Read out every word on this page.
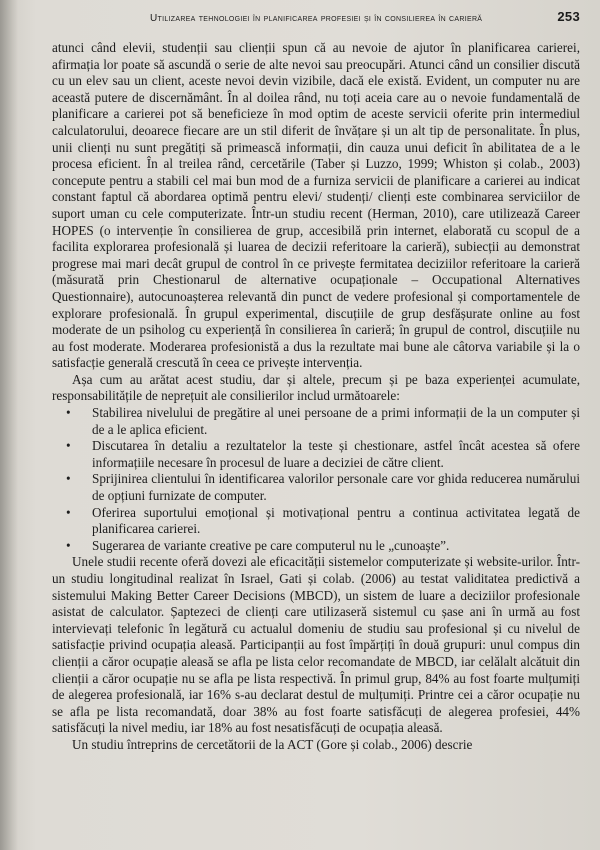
Utilizarea tehnologiei în planificarea profesiei și în consilierea în carieră	253

atunci când elevii, studenții sau clienții spun că au nevoie de ajutor în planificarea carierei, afirmația lor poate să ascundă o serie de alte nevoi sau preocupări. Atunci când un consilier discută cu un elev sau un client, aceste nevoi devin vizibile, dacă ele există. Evident, un computer nu are această putere de discernământ. În al doilea rând, nu toți aceia care au o nevoie fundamentală de planificare a carierei pot să beneficieze în mod optim de aceste servicii oferite prin intermediul calculatorului, deoarece fiecare are un stil diferit de învățare și un alt tip de personalitate. În plus, unii clienți nu sunt pregătiți să primească informații, din cauza unui deficit în abilitatea de a le procesa eficient. În al treilea rând, cercetările (Taber și Luzzo, 1999; Whiston și colab., 2003) concepute pentru a stabili cel mai bun mod de a furniza servicii de planificare a carierei au indicat constant faptul că abordarea optimă pentru elevi/ studenți/ clienți este combinarea serviciilor de suport uman cu cele computerizate. Într-un studiu recent (Herman, 2010), care utilizează Career HOPES (o intervenție în consilierea de grup, accesibilă prin internet, elaborată cu scopul de a facilita explorarea profesională și luarea de decizii referitoare la carieră), subiecții au demonstrat progrese mai mari decât grupul de control în ce privește fermitatea deciziilor referitoare la carieră (măsurată prin Chestionarul de alternative ocupaționale – Occupational Alternatives Questionnaire), autocunoașterea relevantă din punct de vedere profesional și comportamentele de explorare profesională. În grupul experimental, discuțiile de grup desfășurate online au fost moderate de un psiholog cu experiență în consilierea în carieră; în grupul de control, discuțiile nu au fost moderate. Moderarea profesionistă a dus la rezultate mai bune ale câtorva variabile și la o satisfacție generală crescută în ceea ce privește intervenția.

Așa cum au arătat acest studiu, dar și altele, precum și pe baza experienței acumulate, responsabilitățile de neprețuit ale consilierilor includ următoarele:

• Stabilirea nivelului de pregătire al unei persoane de a primi informații de la un computer și de a le aplica eficient.
• Discutarea în detaliu a rezultatelor la teste și chestionare, astfel încât acestea să ofere informațiile necesare în procesul de luare a deciziei de către client.
• Sprijinirea clientului în identificarea valorilor personale care vor ghida reducerea numărului de opțiuni furnizate de computer.
• Oferirea suportului emoțional și motivațional pentru a continua activitatea legată de planificarea carierei.
• Sugerarea de variante creative pe care computerul nu le „cunoaște”.

Unele studii recente oferă dovezi ale eficacității sistemelor computerizate și website-urilor. Într-un studiu longitudinal realizat în Israel, Gati și colab. (2006) au testat validitatea predictivă a sistemului Making Better Career Decisions (MBCD), un sistem de luare a deciziilor profesionale asistat de calculator. Șaptezeci de clienți care utilizaseră sistemul cu șase ani în urmă au fost intervievați telefonic în legătură cu actualul domeniu de studiu sau profesional și cu nivelul de satisfacție privind ocupația aleasă. Participanții au fost împărțiți în două grupuri: unul compus din clienții a căror ocupație aleasă se afla pe lista celor recomandate de MBCD, iar celălalt alcătuit din clienții a căror ocupație nu se afla pe lista respectivă. În primul grup, 84% au fost foarte mulțumiți de alegerea profesională, iar 16% s-au declarat destul de mulțumiți. Printre cei a căror ocupație nu se afla pe lista recomandată, doar 38% au fost foarte satisfăcuți de alegerea profesiei, 44% satisfăcuți la nivel mediu, iar 18% au fost nesatisfăcuți de ocupația aleasă.

Un studiu întreprins de cercetătorii de la ACT (Gore și colab., 2006) descrie
